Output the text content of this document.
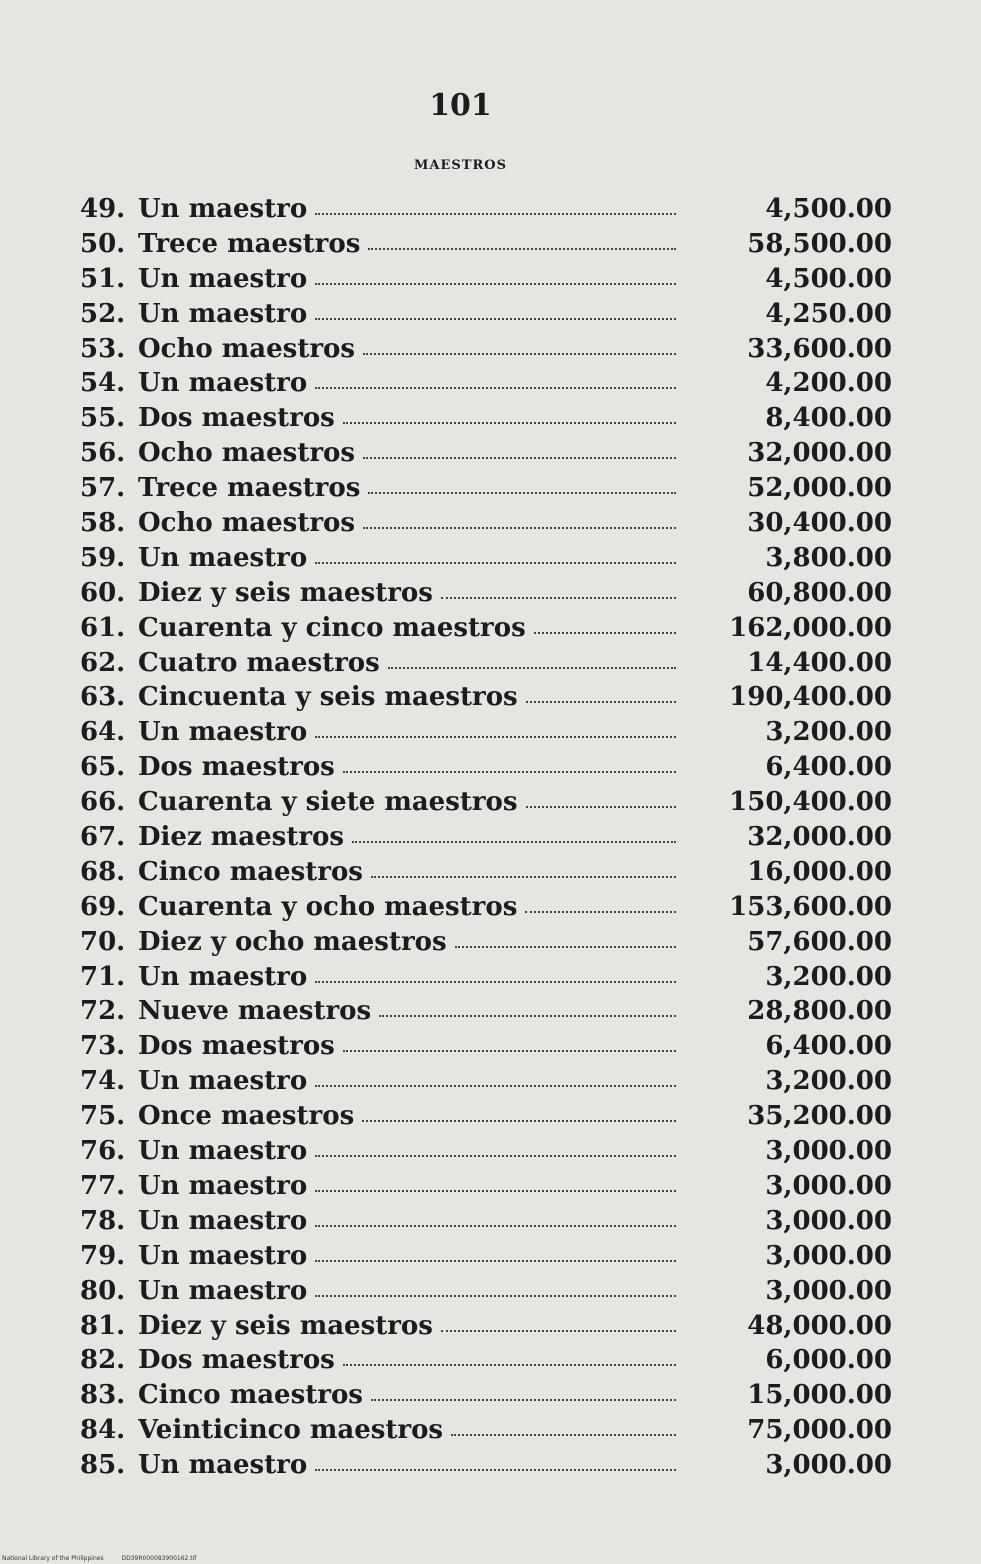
101
MAESTROS
49. Un maestro	4,500.00
50. Trece maestros	58,500.00
51. Un maestro	4,500.00
52. Un maestro	4,250.00
53. Ocho maestros	33,600.00
54. Un maestro	4,200.00
55. Dos maestros	8,400.00
56. Ocho maestros	32,000.00
57. Trece maestros	52,000.00
58. Ocho maestros	30,400.00
59. Un maestro	3,800.00
60. Diez y seis maestros	60,800.00
61. Cuarenta y cinco maestros	162,000.00
62. Cuatro maestros	14,400.00
63. Cincuenta y seis maestros	190,400.00
64. Un maestro	3,200.00
65. Dos maestros	6,400.00
66. Cuarenta y siete maestros	150,400.00
67. Diez maestros	32,000.00
68. Cinco maestros	16,000.00
69. Cuarenta y ocho maestros	153,600.00
70. Diez y ocho maestros	57,600.00
71. Un maestro	3,200.00
72. Nueve maestros	28,800.00
73. Dos maestros	6,400.00
74. Un maestro	3,200.00
75. Once maestros	35,200.00
76. Un maestro	3,000.00
77. Un maestro	3,000.00
78. Un maestro	3,000.00
79. Un maestro	3,000.00
80. Un maestro	3,000.00
81. Diez y seis maestros	48,000.00
82. Dos maestros	6,000.00
83. Cinco maestros	15,000.00
84. Veinticinco maestros	75,000.00
85. Un maestro	3,000.00
National Library of the Philippines	DD39R000083900162.tif
